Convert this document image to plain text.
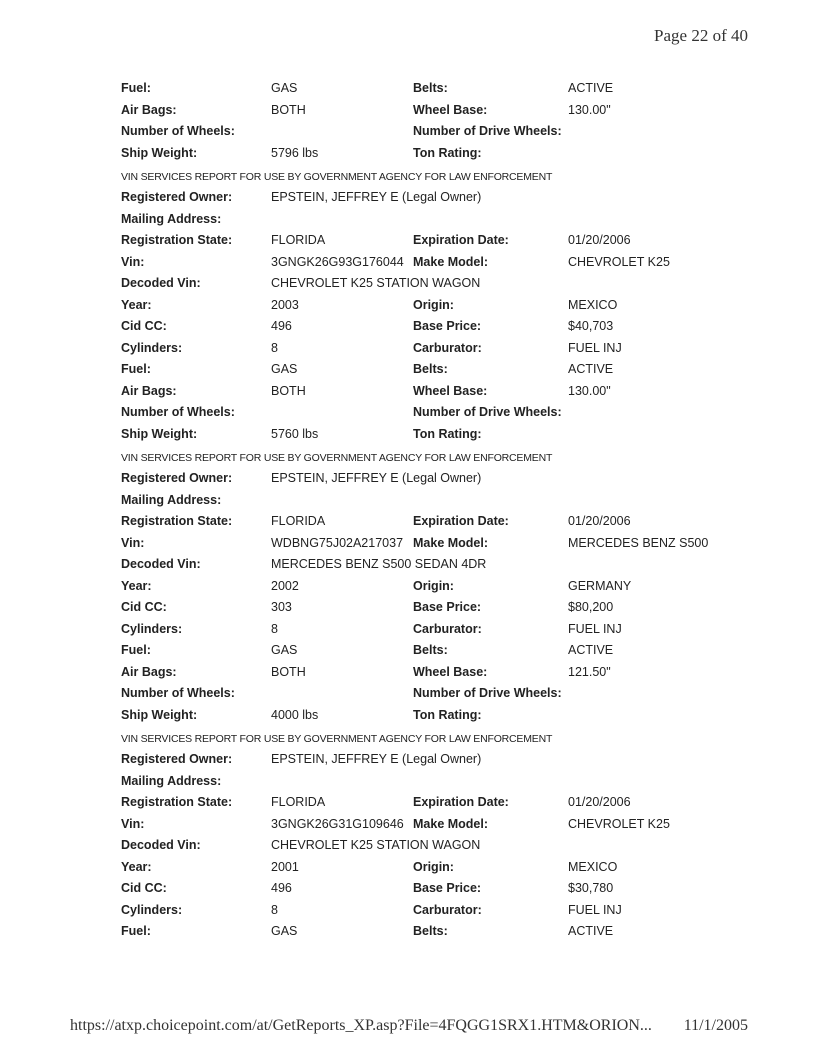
Page 22 of 40
Fuel:	GAS	Belts:	ACTIVE
Air Bags:	BOTH	Wheel Base:	130.00"
Number of Wheels:	Number of Drive Wheels:
Ship Weight:	5796 lbs	Ton Rating:
VIN SERVICES REPORT FOR USE BY GOVERNMENT AGENCY FOR LAW ENFORCEMENT
Registered Owner:	EPSTEIN, JEFFREY E (Legal Owner)
Mailing Address:
Registration State:	FLORIDA	Expiration Date:	01/20/2006
Vin:	3GNGK26G93G176044 Make Model:	CHEVROLET K25
Decoded Vin:	CHEVROLET K25 STATION WAGON
Year:	2003	Origin:	MEXICO
Cid CC:	496	Base Price:	$40,703
Cylinders:	8	Carburator:	FUEL INJ
Fuel:	GAS	Belts:	ACTIVE
Air Bags:	BOTH	Wheel Base:	130.00"
Number of Wheels:	Number of Drive Wheels:
Ship Weight:	5760 lbs	Ton Rating:
VIN SERVICES REPORT FOR USE BY GOVERNMENT AGENCY FOR LAW ENFORCEMENT
Registered Owner:	EPSTEIN, JEFFREY E (Legal Owner)
Mailing Address:
Registration State:	FLORIDA	Expiration Date:	01/20/2006
Vin:	WDBNG75J02A217037 Make Model:	MERCEDES BENZ S500
Decoded Vin:	MERCEDES BENZ S500 SEDAN 4DR
Year:	2002	Origin:	GERMANY
Cid CC:	303	Base Price:	$80,200
Cylinders:	8	Carburator:	FUEL INJ
Fuel:	GAS	Belts:	ACTIVE
Air Bags:	BOTH	Wheel Base:	121.50"
Number of Wheels:	Number of Drive Wheels:
Ship Weight:	4000 lbs	Ton Rating:
VIN SERVICES REPORT FOR USE BY GOVERNMENT AGENCY FOR LAW ENFORCEMENT
Registered Owner:	EPSTEIN, JEFFREY E (Legal Owner)
Mailing Address:
Registration State:	FLORIDA	Expiration Date:	01/20/2006
Vin:	3GNGK26G31G109646 Make Model:	CHEVROLET K25
Decoded Vin:	CHEVROLET K25 STATION WAGON
Year:	2001	Origin:	MEXICO
Cid CC:	496	Base Price:	$30,780
Cylinders:	8	Carburator:	FUEL INJ
Fuel:	GAS	Belts:	ACTIVE
https://atxp.choicepoint.com/at/GetReports_XP.asp?File=4FQGG1SRX1.HTM&ORION... 11/1/2005
